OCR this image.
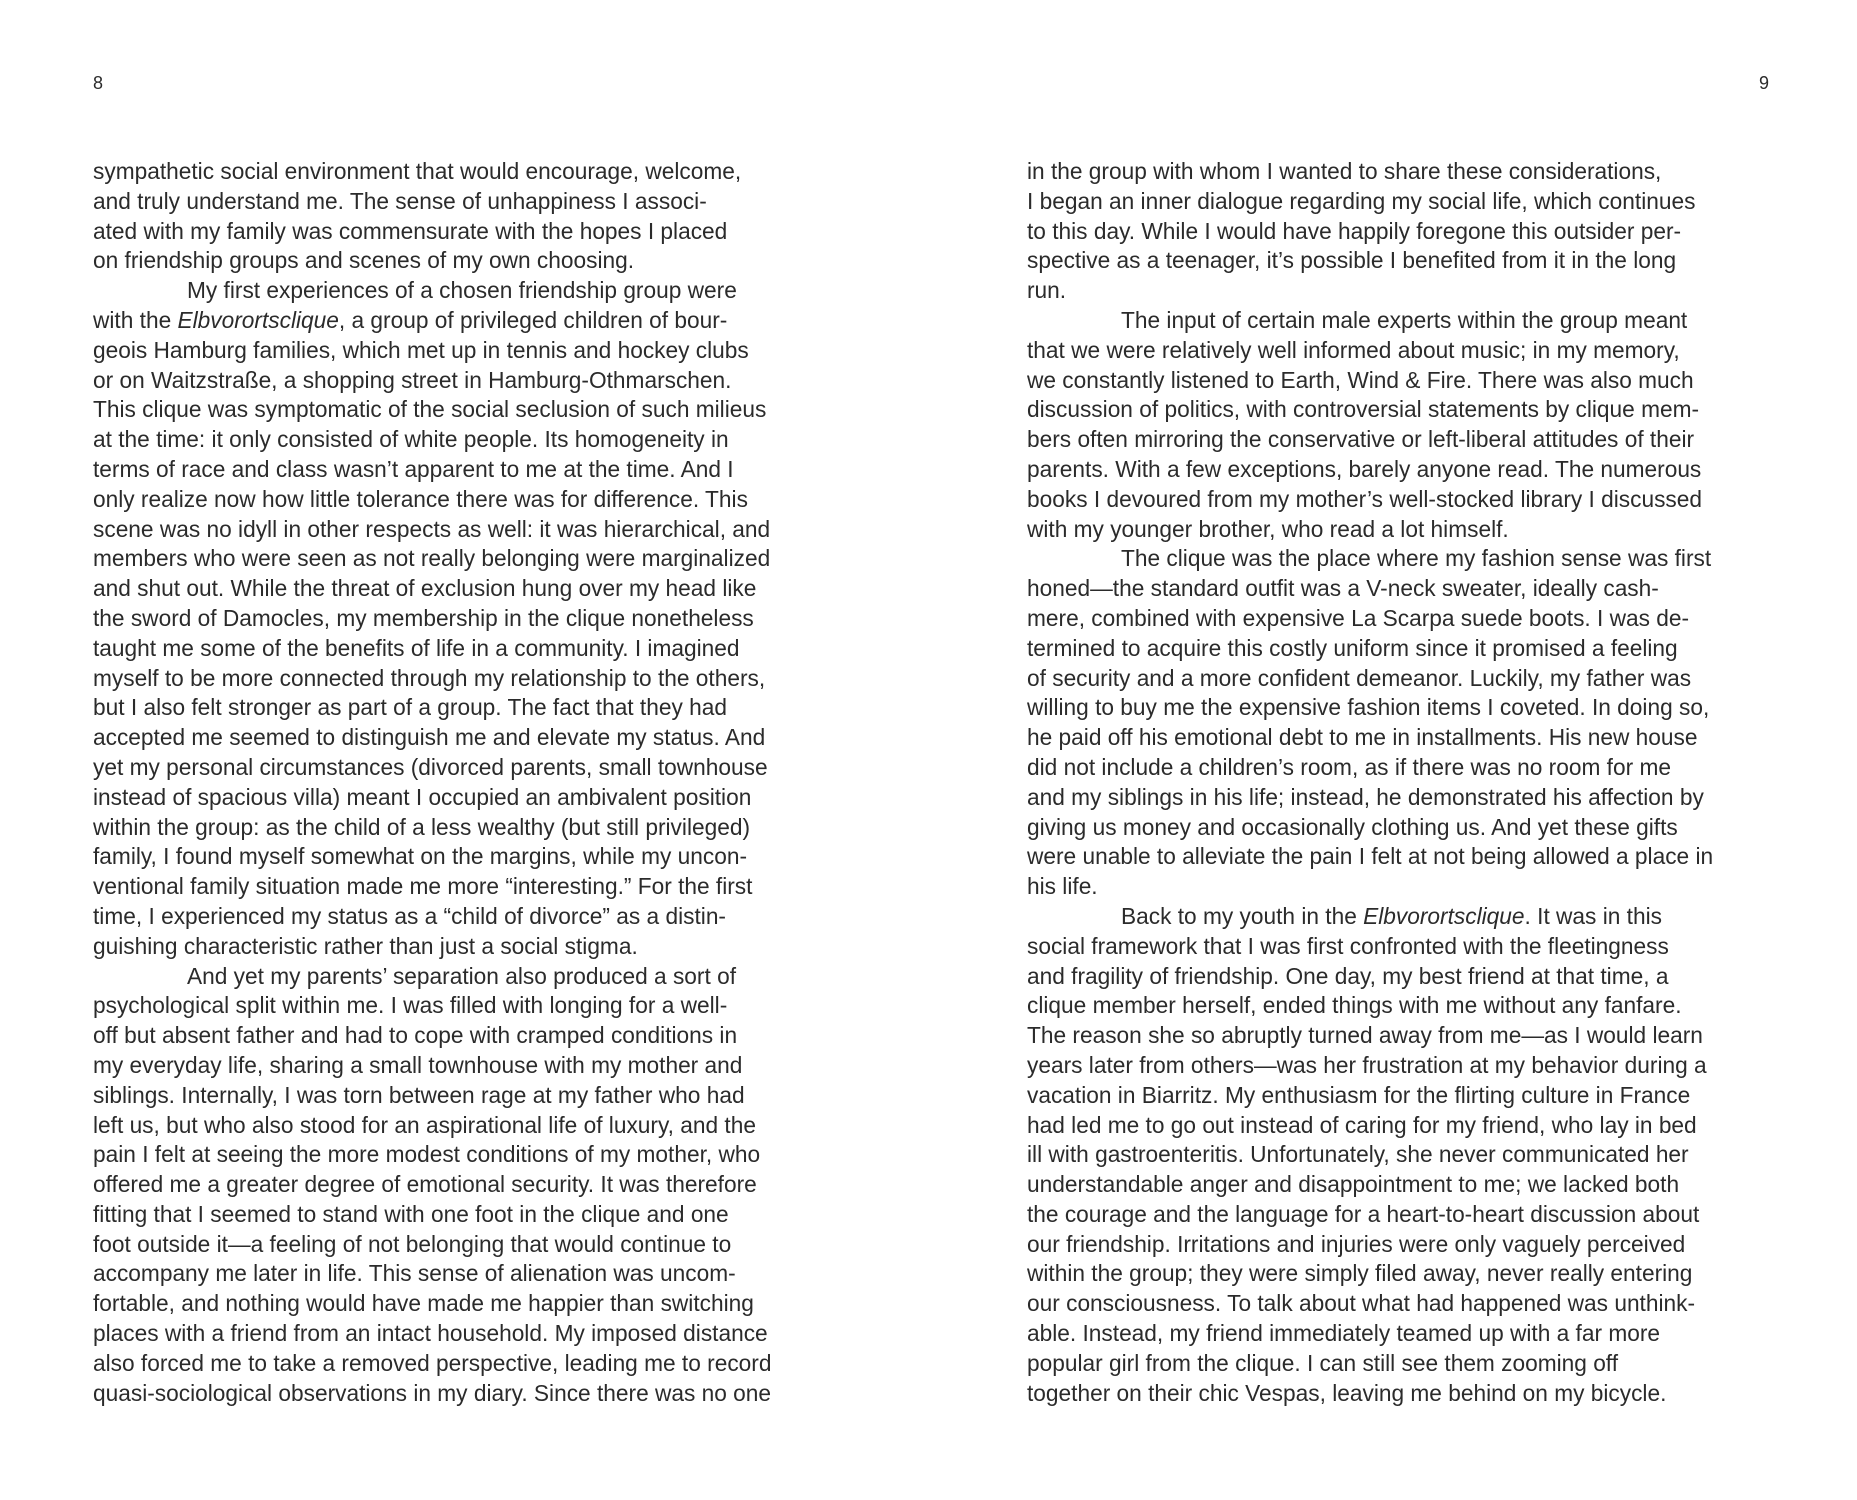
8
sympathetic social environment that would encourage, welcome,
and truly understand me. The sense of unhappiness I associ-
ated with my family was commensurate with the hopes I placed
on friendship groups and scenes of my own choosing.
My first experiences of a chosen friendship group were
with the Elbvorortsclique, a group of privileged children of bour-
geois Hamburg families, which met up in tennis and hockey clubs
or on Waitzstraße, a shopping street in Hamburg-Othmarschen.
This clique was symptomatic of the social seclusion of such milieus
at the time: it only consisted of white people. Its homogeneity in
terms of race and class wasn’t apparent to me at the time. And I
only realize now how little tolerance there was for difference. This
scene was no idyll in other respects as well: it was hierarchical, and
members who were seen as not really belonging were marginalized
and shut out. While the threat of exclusion hung over my head like
the sword of Damocles, my membership in the clique nonetheless
taught me some of the benefits of life in a community. I imagined
myself to be more connected through my relationship to the others,
but I also felt stronger as part of a group. The fact that they had
accepted me seemed to distinguish me and elevate my status. And
yet my personal circumstances (divorced parents, small townhouse
instead of spacious villa) meant I occupied an ambivalent position
within the group: as the child of a less wealthy (but still privileged)
family, I found myself somewhat on the margins, while my uncon-
ventional family situation made me more “interesting.” For the first
time, I experienced my status as a “child of divorce” as a distin-
guishing characteristic rather than just a social stigma.
And yet my parents’ separation also produced a sort of
psychological split within me. I was filled with longing for a well-
off but absent father and had to cope with cramped conditions in
my everyday life, sharing a small townhouse with my mother and
siblings. Internally, I was torn between rage at my father who had
left us, but who also stood for an aspirational life of luxury, and the
pain I felt at seeing the more modest conditions of my mother, who
offered me a greater degree of emotional security. It was therefore
fitting that I seemed to stand with one foot in the clique and one
foot outside it—a feeling of not belonging that would continue to
accompany me later in life. This sense of alienation was uncom-
fortable, and nothing would have made me happier than switching
places with a friend from an intact household. My imposed distance
also forced me to take a removed perspective, leading me to record
quasi-sociological observations in my diary. Since there was no one
9
in the group with whom I wanted to share these considerations,
I began an inner dialogue regarding my social life, which continues
to this day. While I would have happily foregone this outsider per-
spective as a teenager, it’s possible I benefited from it in the long
run.
The input of certain male experts within the group meant
that we were relatively well informed about music; in my memory,
we constantly listened to Earth, Wind & Fire. There was also much
discussion of politics, with controversial statements by clique mem-
bers often mirroring the conservative or left-liberal attitudes of their
parents. With a few exceptions, barely anyone read. The numerous
books I devoured from my mother’s well-stocked library I discussed
with my younger brother, who read a lot himself.
The clique was the place where my fashion sense was first
honed—the standard outfit was a V-neck sweater, ideally cash-
mere, combined with expensive La Scarpa suede boots. I was de-
termined to acquire this costly uniform since it promised a feeling
of security and a more confident demeanor. Luckily, my father was
willing to buy me the expensive fashion items I coveted. In doing so,
he paid off his emotional debt to me in installments. His new house
did not include a children’s room, as if there was no room for me
and my siblings in his life; instead, he demonstrated his affection by
giving us money and occasionally clothing us. And yet these gifts
were unable to alleviate the pain I felt at not being allowed a place in
his life.
Back to my youth in the Elbvorortsclique. It was in this
social framework that I was first confronted with the fleetingness
and fragility of friendship. One day, my best friend at that time, a
clique member herself, ended things with me without any fanfare.
The reason she so abruptly turned away from me—as I would learn
years later from others—was her frustration at my behavior during a
vacation in Biarritz. My enthusiasm for the flirting culture in France
had led me to go out instead of caring for my friend, who lay in bed
ill with gastroenteritis. Unfortunately, she never communicated her
understandable anger and disappointment to me; we lacked both
the courage and the language for a heart-to-heart discussion about
our friendship. Irritations and injuries were only vaguely perceived
within the group; they were simply filed away, never really entering
our consciousness. To talk about what had happened was unthink-
able. Instead, my friend immediately teamed up with a far more
popular girl from the clique. I can still see them zooming off
together on their chic Vespas, leaving me behind on my bicycle.
